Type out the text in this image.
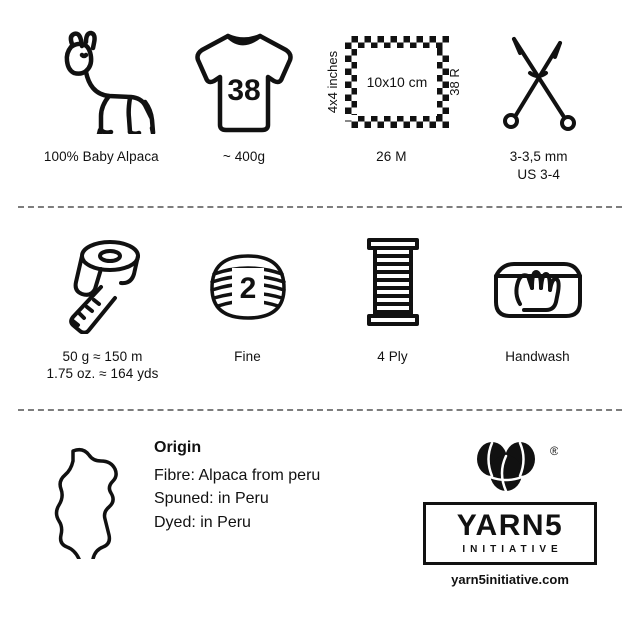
100% Baby Alpaca
38
~ 400g
10x10 cm
4x4 inches	38 R
26 M	3-3,5 mm
US 3-4
50 g ≈ 150 m
1.75 oz. ≈ 164 yds
2
Fine	4 Ply	Handwash
Origin
Fibre: Alpaca from peru
Spuned: in Peru
Dyed: in Peru
®
YARN5
INITIATIVE
yarn5initiative.com
